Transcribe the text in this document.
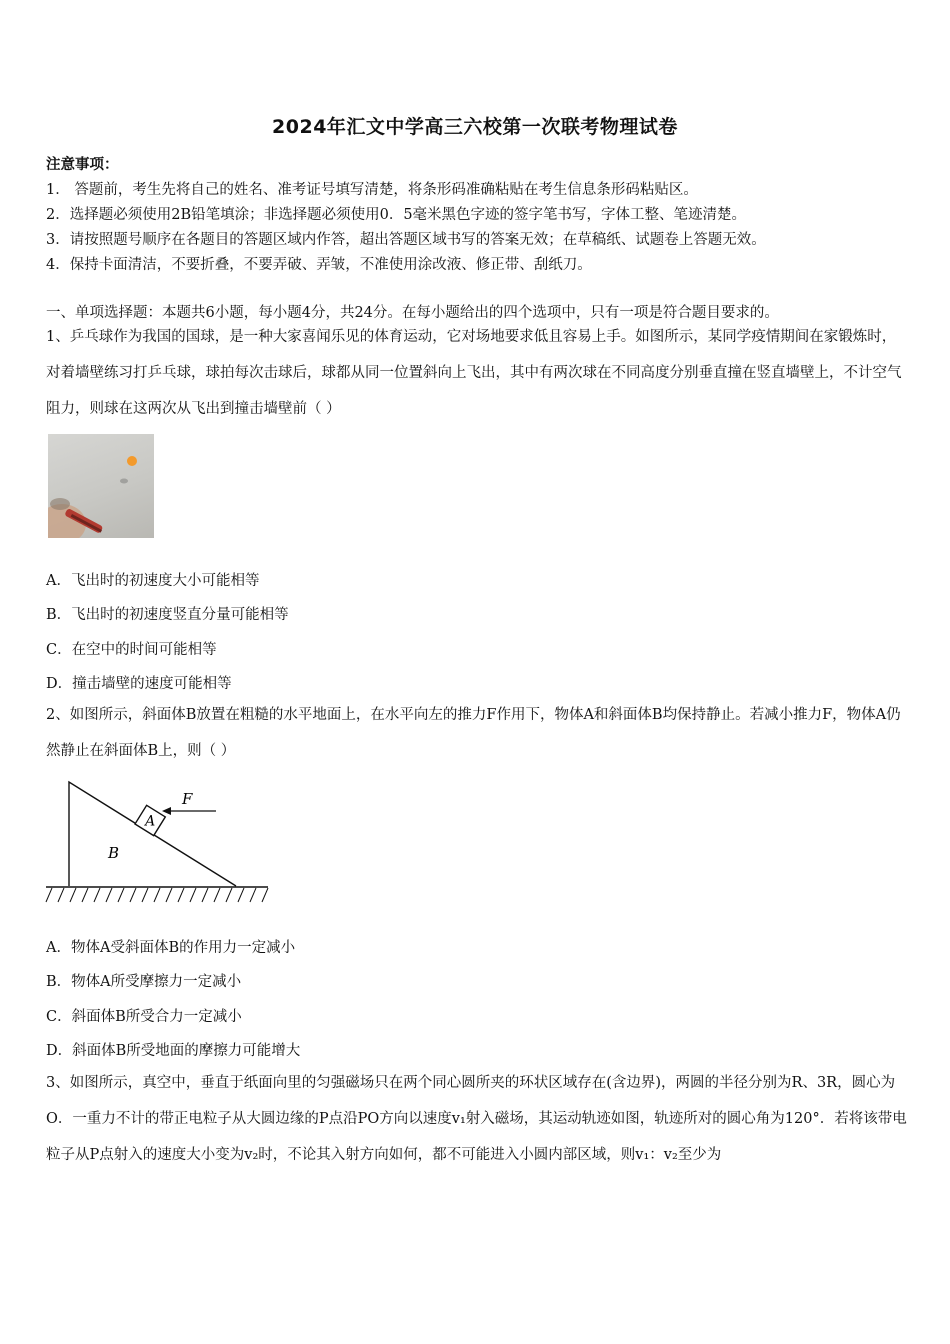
2024年汇文中学高三六校第一次联考物理试卷
注意事项：
1． 答题前，考生先将自己的姓名、准考证号填写清楚，将条形码准确粘贴在考生信息条形码粘贴区。
2．选择题必须使用2B铅笔填涂；非选择题必须使用0．5毫米黑色字迹的签字笔书写，字体工整、笔迹清楚。
3．请按照题号顺序在各题目的答题区域内作答，超出答题区域书写的答案无效；在草稿纸、试题卷上答题无效。
4．保持卡面清洁，不要折叠，不要弄破、弄皱，不准使用涂改液、修正带、刮纸刀。
一、单项选择题：本题共6小题，每小题4分，共24分。在每小题给出的四个选项中，只有一项是符合题目要求的。
1、乒乓球作为我国的国球，是一种大家喜闻乐见的体育运动，它对场地要求低且容易上手。如图所示，某同学疫情期间在家锻炼时，对着墙壁练习打乒乓球，球拍每次击球后，球都从同一位置斜向上飞出，其中有两次球在不同高度分别垂直撞在竖直墙壁上，不计空气阻力，则球在这两次从飞出到撞击墙壁前（ ）
A．飞出时的初速度大小可能相等
B．飞出时的初速度竖直分量可能相等
C．在空中的时间可能相等
D．撞击墙壁的速度可能相等
2、如图所示，斜面体B放置在粗糙的水平地面上，在水平向左的推力F作用下，物体A和斜面体B均保持静止。若减小推力F，物体A仍然静止在斜面体B上，则（ ）
A
F
B
A．物体A受斜面体B的作用力一定减小
B．物体A所受摩擦力一定减小
C．斜面体B所受合力一定减小
D．斜面体B所受地面的摩擦力可能增大
3、如图所示，真空中，垂直于纸面向里的匀强磁场只在两个同心圆所夹的环状区域存在(含边界)，两圆的半径分别为R、3R，圆心为O．一重力不计的带正电粒子从大圆边缘的P点沿PO方向以速度v₁射入磁场，其运动轨迹如图，轨迹所对的圆心角为120°．若将该带电粒子从P点射入的速度大小变为v₂时，不论其入射方向如何，都不可能进入小圆内部区域，则v₁：v₂至少为
